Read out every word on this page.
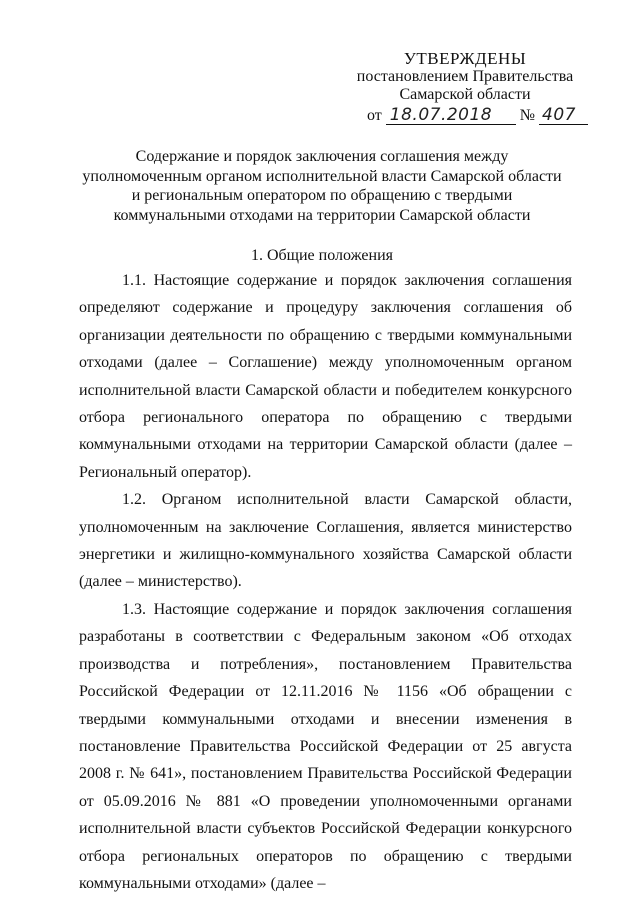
УТВЕРЖДЕНЫ
постановлением Правительства
Самарской области
от 18.07.2018 № 407
Содержание и порядок заключения соглашения между уполномоченным органом исполнительной власти Самарской области и региональным оператором по обращению с твердыми коммунальными отходами на территории Самарской области
1. Общие положения

1.1. Настоящие содержание и порядок заключения соглашения определяют содержание и процедуру заключения соглашения об организации деятельности по обращению с твердыми коммунальными отходами (далее – Соглашение) между уполномоченным органом исполнительной власти Самарской области и победителем конкурсного отбора регионального оператора по обращению с твердыми коммунальными отходами на территории Самарской области (далее – Региональный оператор).

1.2. Органом исполнительной власти Самарской области, уполномоченным на заключение Соглашения, является министерство энергетики и жилищно-коммунального хозяйства Самарской области (далее – министерство).

1.3. Настоящие содержание и порядок заключения соглашения разработаны в соответствии с Федеральным законом «Об отходах производства и потребления», постановлением Правительства Российской Федерации от 12.11.2016 № 1156 «Об обращении с твердыми коммунальными отходами и внесении изменения в постановление Правительства Российской Федерации от 25 августа 2008 г. № 641», постановлением Правительства Российской Федерации от 05.09.2016 № 881 «О проведении уполномоченными органами исполнительной власти субъектов Российской Федерации конкурсного отбора региональных операторов по обращению с твердыми коммунальными отходами» (далее –
